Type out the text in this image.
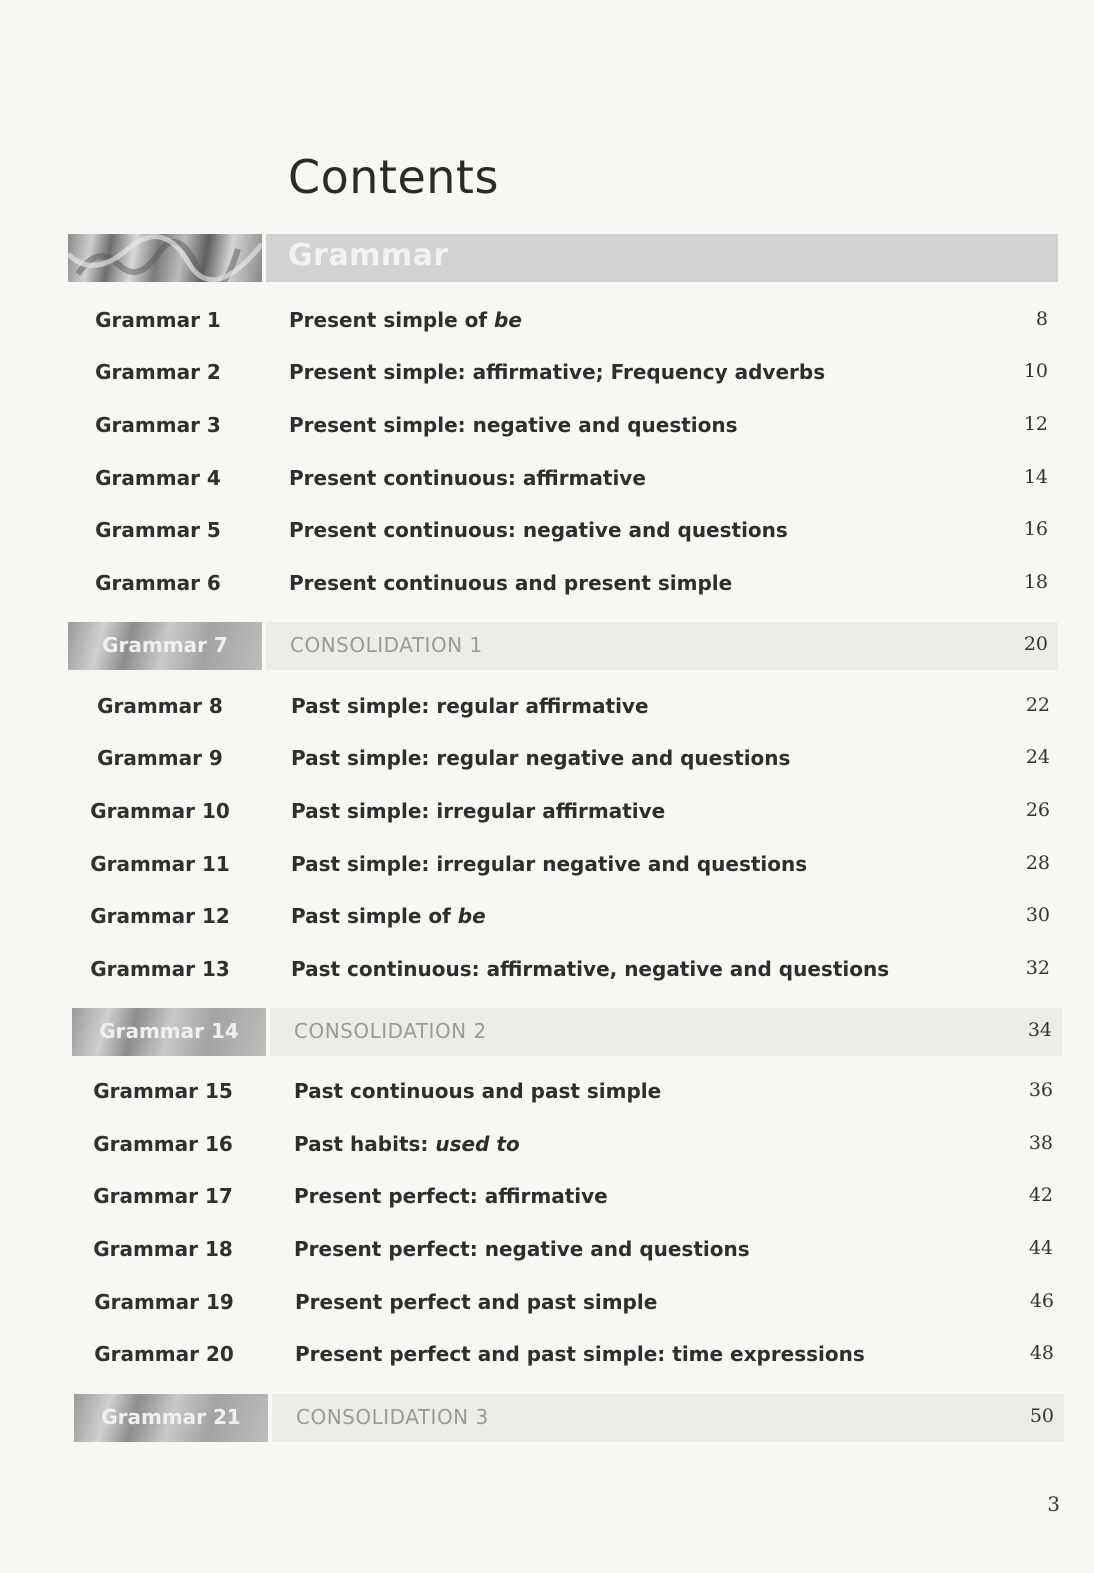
Contents
Grammar
Grammar 1	Present simple of be	8
Grammar 2	Present simple: affirmative; Frequency adverbs	10
Grammar 3	Present simple: negative and questions	12
Grammar 4	Present continuous: affirmative	14
Grammar 5	Present continuous: negative and questions	16
Grammar 6	Present continuous and present simple	18
Grammar 7	CONSOLIDATION 1	20
Grammar 8	Past simple: regular affirmative	22
Grammar 9	Past simple: regular negative and questions	24
Grammar 10	Past simple: irregular affirmative	26
Grammar 11	Past simple: irregular negative and questions	28
Grammar 12	Past simple of be	30
Grammar 13	Past continuous: affirmative, negative and questions	32
Grammar 14	CONSOLIDATION 2	34
Grammar 15	Past continuous and past simple	36
Grammar 16	Past habits: used to	38
Grammar 17	Present perfect: affirmative	42
Grammar 18	Present perfect: negative and questions	44
Grammar 19	Present perfect and past simple	46
Grammar 20	Present perfect and past simple: time expressions	48
Grammar 21	CONSOLIDATION 3	50
3
